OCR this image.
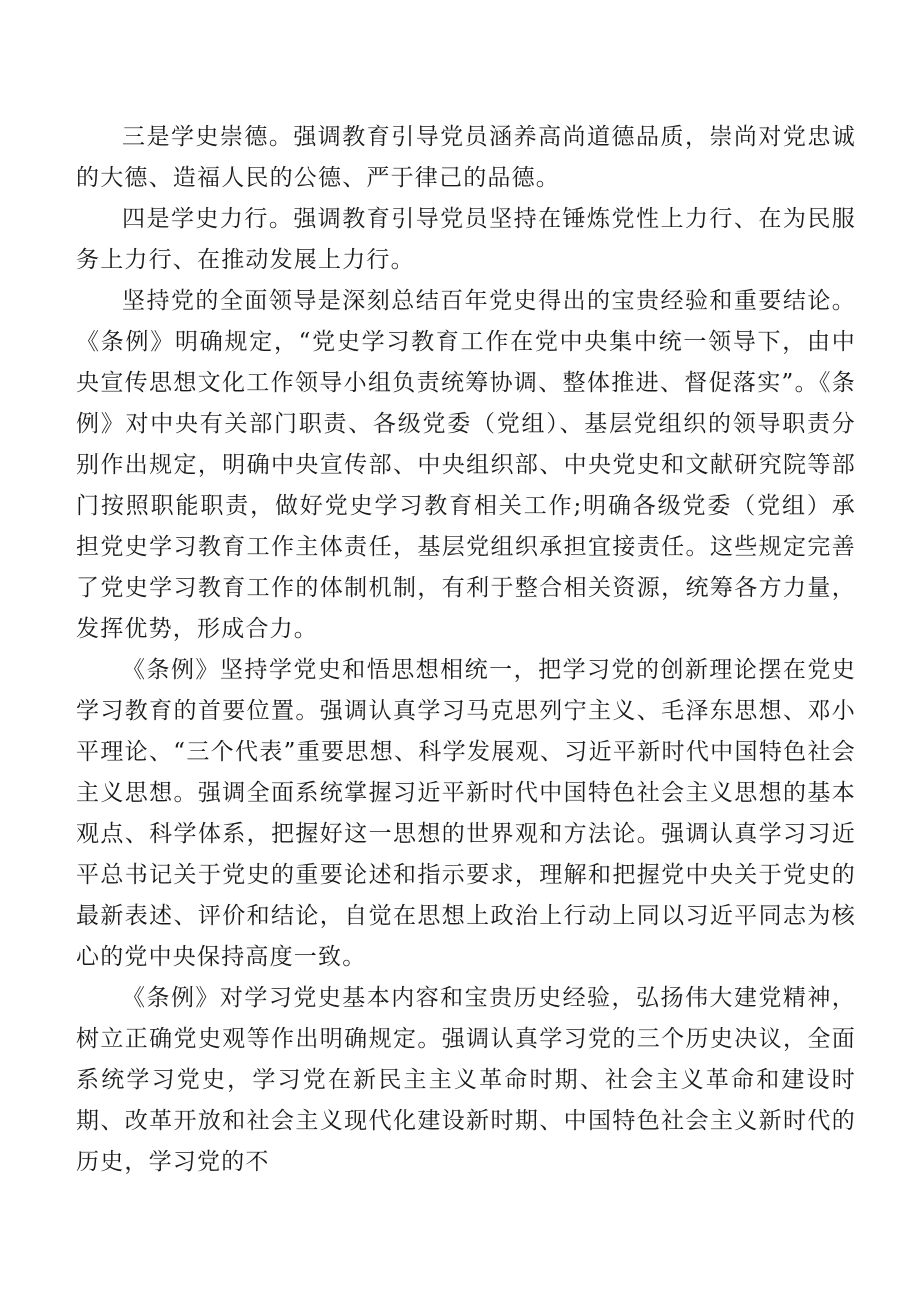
三是学史崇德。强调教育引导党员涵养高尚道德品质，崇尚对党忠诚的大德、造福人民的公德、严于律己的品德。

四是学史力行。强调教育引导党员坚持在锤炼党性上力行、在为民服务上力行、在推动发展上力行。

坚持党的全面领导是深刻总结百年党史得出的宝贵经验和重要结论。《条例》明确规定，“党史学习教育工作在党中央集中统一领导下，由中央宣传思想文化工作领导小组负责统筹协调、整体推进、督促落实”。《条例》对中央有关部门职责、各级党委（党组）、基层党组织的领导职责分别作出规定，明确中央宣传部、中央组织部、中央党史和文献研究院等部门按照职能职责，做好党史学习教育相关工作;明确各级党委（党组）承担党史学习教育工作主体责任，基层党组织承担宜接责任。这些规定完善了党史学习教育工作的体制机制，有利于整合相关资源，统筹各方力量，发挥优势，形成合力。

《条例》坚持学党史和悟思想相统一，把学习党的创新理论摆在党史学习教育的首要位置。强调认真学习马克思列宁主义、毛泽东思想、邓小平理论、“三个代表”重要思想、科学发展观、习近平新时代中国特色社会主义思想。强调全面系统掌握习近平新时代中国特色社会主义思想的基本观点、科学体系，把握好这一思想的世界观和方法论。强调认真学习习近平总书记关于党史的重要论述和指示要求，理解和把握党中央关于党史的最新表述、评价和结论，自觉在思想上政治上行动上同以习近平同志为核心的党中央保持高度一致。

《条例》对学习党史基本内容和宝贵历史经验，弘扬伟大建党精神，树立正确党史观等作出明确规定。强调认真学习党的三个历史决议，全面系统学习党史，学习党在新民主主义革命时期、社会主义革命和建设时期、改革开放和社会主义现代化建设新时期、中国特色社会主义新时代的历史，学习党的不
